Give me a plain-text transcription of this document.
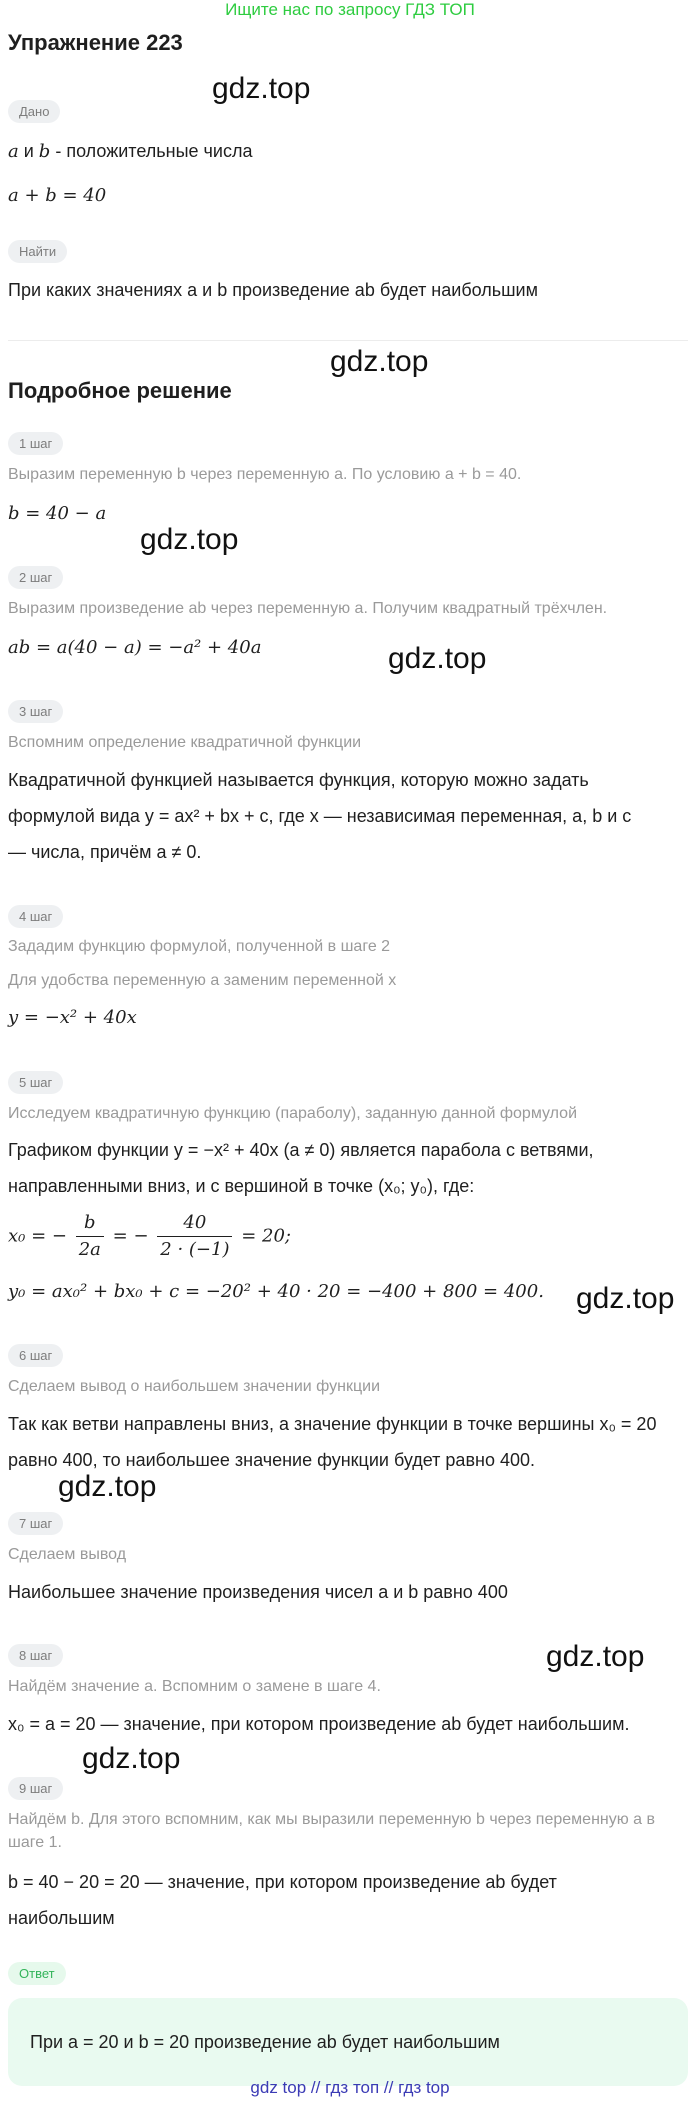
Ищите нас по запросу ГДЗ ТОП
Упражнение 223
Дано
a и b - положительные числа
a + b = 40
Найти
При каких значениях a и b произведение ab будет наибольшим
Подробное решение
1 шаг
Выразим переменную b через переменную a. По условию a + b = 40.
b = 40 − a
2 шаг
Выразим произведение ab через переменную a. Получим квадратный трёхчлен.
ab = a(40 − a) = −a² + 40a
3 шаг
Вспомним определение квадратичной функции
Квадратичной функцией называется функция, которую можно задать
формулой вида y = ax² + bx + c, где x — независимая переменная, a, b и c
— числа, причём a ≠ 0.
4 шаг
Зададим функцию формулой, полученной в шаге 2
Для удобства переменную a заменим переменной x
y = −x² + 40x
5 шаг
Исследуем квадратичную функцию (параболу), заданную данной формулой
Графиком функции y = −x² + 40x (a ≠ 0) является парабола с ветвями,
направленными вниз, и с вершиной в точке (x₀; y₀), где:
x₀ = − $\frac{b}{2a}$ = − $\frac{40}{2 \cdot (-1)} = 20$;
y₀ = ax₀² + bx₀ + c = −20² + 40 · 20 = −400 + 800 = 400.
6 шаг
Сделаем вывод о наибольшем значении функции
Так как ветви направлены вниз, а значение функции в точке вершины x₀ = 20
равно 400, то наибольшее значение функции будет равно 400.
7 шаг
Сделаем вывод
Наибольшее значение произведения чисел a и b равно 400
8 шаг
Найдём значение a. Вспомним о замене в шаге 4.
x₀ = a = 20 — значение, при котором произведение ab будет наибольшим.
9 шаг
Найдём b. Для этого вспомним, как мы выразили переменную b через переменную a в
шаге 1.
b = 40 − 20 = 20 — значение, при котором произведение ab будет
наибольшим
Ответ
При a = 20 и b = 20 произведение ab будет наибольшим
gdz.top
gdz.top
gdz.top
gdz.top
gdz.top
gdz.top
gdz.top
gdz.top
gdz top // гдз топ // гдз top
